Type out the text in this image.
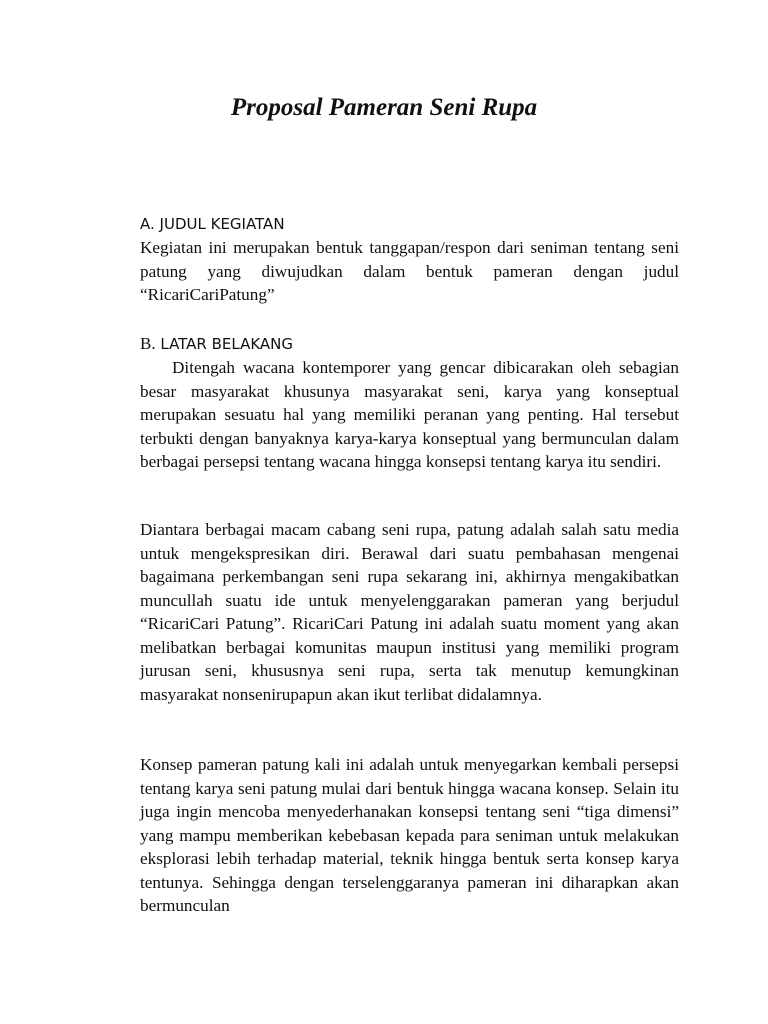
Proposal Pameran Seni Rupa
A. JUDUL KEGIATAN

Kegiatan ini merupakan bentuk tanggapan/respon dari seniman tentang seni patung yang diwujudkan dalam bentuk pameran dengan judul “RicariCariPatung”

B. LATAR BELAKANG

Ditengah wacana kontemporer yang gencar dibicarakan oleh sebagian besar masyarakat khusunya masyarakat seni, karya yang konseptual merupakan sesuatu hal yang memiliki peranan yang penting. Hal tersebut terbukti dengan banyaknya karya-karya konseptual yang bermunculan dalam berbagai persepsi tentang wacana hingga konsepsi tentang karya itu sendiri.

Diantara berbagai macam cabang seni rupa, patung adalah salah satu media untuk mengekspresikan diri. Berawal dari suatu pembahasan mengenai bagaimana perkembangan seni rupa sekarang ini, akhirnya mengakibatkan muncullah suatu ide untuk menyelenggarakan pameran yang berjudul “RicariCari Patung”. RicariCari Patung ini adalah suatu moment yang akan melibatkan berbagai komunitas maupun institusi yang memiliki program jurusan seni, khususnya seni rupa, serta tak menutup kemungkinan masyarakat nonsenirupapun akan ikut terlibat didalamnya.

Konsep pameran patung kali ini adalah untuk menyegarkan kembali persepsi tentang karya seni patung mulai dari bentuk hingga wacana konsep. Selain itu juga ingin mencoba menyederhanakan konsepsi tentang seni “tiga dimensi” yang mampu memberikan kebebasan kepada para seniman untuk melakukan eksplorasi lebih terhadap material, teknik hingga bentuk serta konsep karya tentunya. Sehingga dengan terselenggaranya pameran ini diharapkan akan bermunculan
